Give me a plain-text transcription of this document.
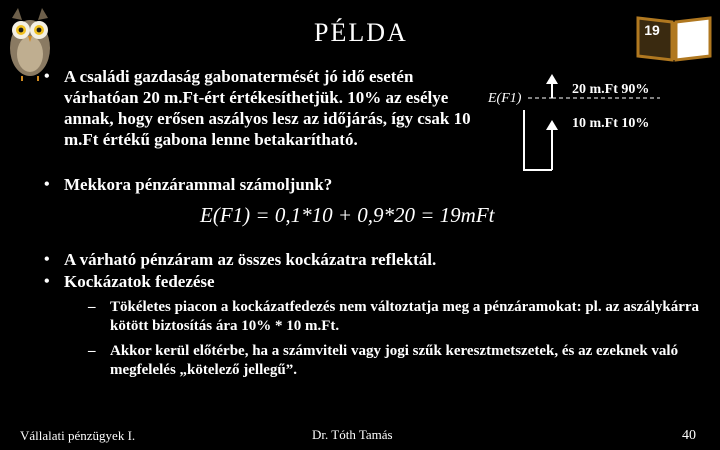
PÉLDA	19
• A családi gazdaság gabonatermését jó idő esetén várhatóan 20 m.Ft-ért értékesíthetjük. 10% az esélye annak, hogy erősen aszályos lesz az időjárás, így csak 10 m.Ft értékű gabona lenne betakarítható.
• Mekkora pénzárammal számoljunk?
E(F1) = 0,1*10 + 0,9*20 = 19mFt
• A várható pénzáram az összes kockázatra reflektál.
• Kockázatok fedezése
– Tökéletes piacon a kockázatfedezés nem változtatja meg a pénzáramokat: pl. az aszálykárra kötött biztosítás ára 10% * 10 m.Ft.
– Akkor kerül előtérbe, ha a számviteli vagy jogi szűk keresztmetszetek, és az ezeknek való megfelelés „kötelező jellegű”.
E(F1)
20 m.Ft 90%
10 m.Ft 10%
Vállalati pénzügyek I.	Dr. Tóth Tamás	40
